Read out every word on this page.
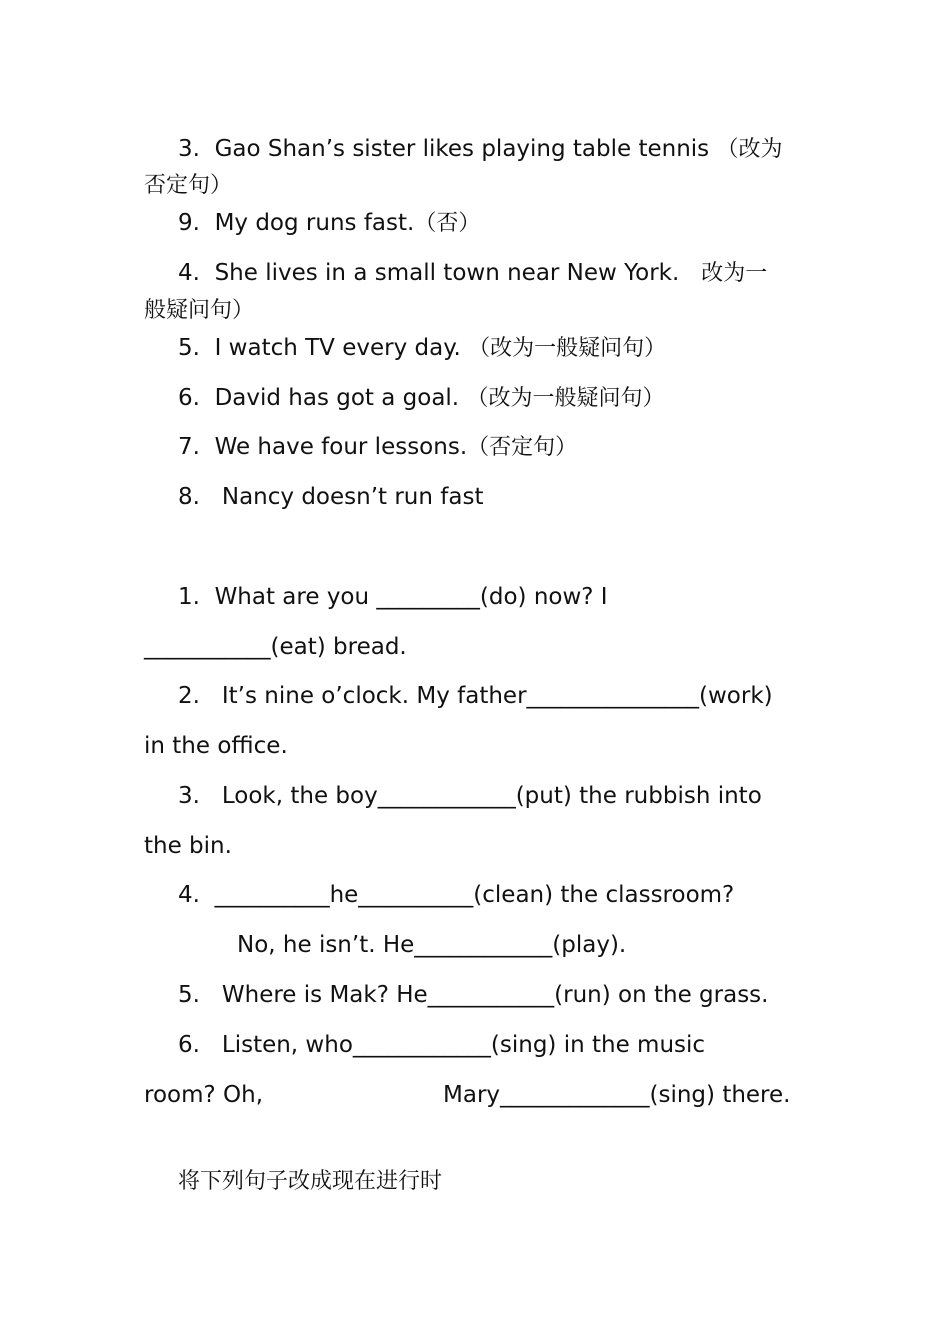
3.  Gao Shan’s sister likes playing table tennis （改为
否定句）
9.  My dog runs fast.（否）
4.  She lives in a small town near New York. 改为一
般疑问句）
5.  I watch TV every day. （改为一般疑问句）
6.  David has got a goal. （改为一般疑问句）
7.  We have four lessons.（否定句）
8.   Nancy doesn’t run fast
1.  What are you _________(do) now? I
___________(eat) bread.
2.   It’s nine o’clock. My father_______________(work)
in the office.
3.   Look, the boy____________(put) the rubbish into
the bin.
4.  __________he__________(clean) the classroom?
No, he isn’t. He____________(play).
5.   Where is Mak? He___________(run) on the grass.
6.   Listen, who____________(sing) in the music
room? Oh,	Mary_____________(sing) there.
将下列句子改成现在进行时
